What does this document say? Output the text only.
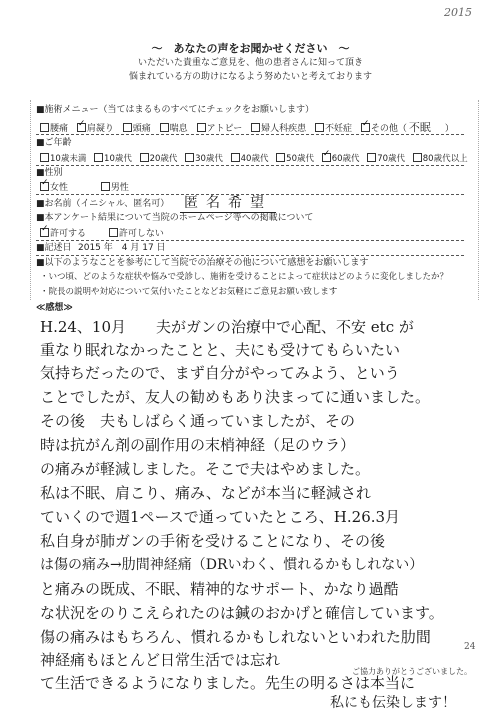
2015
～　あなたの声をお聞かせください　～
いただいた貴重なご意見を、他の患者さんに知って頂き
悩まれている方の助けになるよう努めたいと考えております
■施術メニュー（当てはまるものすべてにチェックをお願いします）
腰痛 ✓ 肩凝り 頭痛 喘息 アトピー 婦人科疾患 不妊症 ✓ その他（ 不眠 ）
■ご年齢
10歳未満 10歳代 20歳代 30歳代 40歳代 50歳代 ✓ 60歳代 70歳代 80歳代以上
■性別
✓女性	男性
■お名前（イニシャル、匿名可） 匿名希望
■本アンケート結果について当院のホームページ等への掲載について
✓許可する	許可しない
■記述日 2015 年　4 月 17 日
■以下のようなことを参考にして当院での治療その他について感想をお願いします
・いつ頃、どのような症状や悩みで受診し、施術を受けることによって症状はどのように変化しましたか？
・院長の説明や対応について気付いたことなどお気軽にご意見お願い致します
≪感想≫
H.24、10月　　夫がガンの治療中で心配、不安 etc が
重なり眠れなかったことと、夫にも受けてもらいたい
気持ちだったので、まず自分がやってみよう、という
ことでしたが、友人の勧めもあり決まってに通いました。
その後　夫もしばらく通っていましたが、その
時は抗がん剤の副作用の末梢神経（足のウラ）
の痛みが軽減しました。そこで夫はやめました。
私は不眠、肩こり、痛み、などが本当に軽減され
ていくので週1ペースで通っていたところ、H.26.3月
私自身が肺ガンの手術を受けることになり、その後
は傷の痛み→肋間神経痛（DRいわく、慣れるかもしれない）
と痛みの既成、不眠、精神的なサポート、かなり過酷
な状況をのりこえられたのは鍼のおかげと確信しています。
傷の痛みはもちろん、慣れるかもしれないといわれた肋間
神経痛もほとんど日常生活では忘れ
て生活できるようになりました。先生の明るさは本当に
私にも伝染します！
ご協力ありがとうございました。
24
